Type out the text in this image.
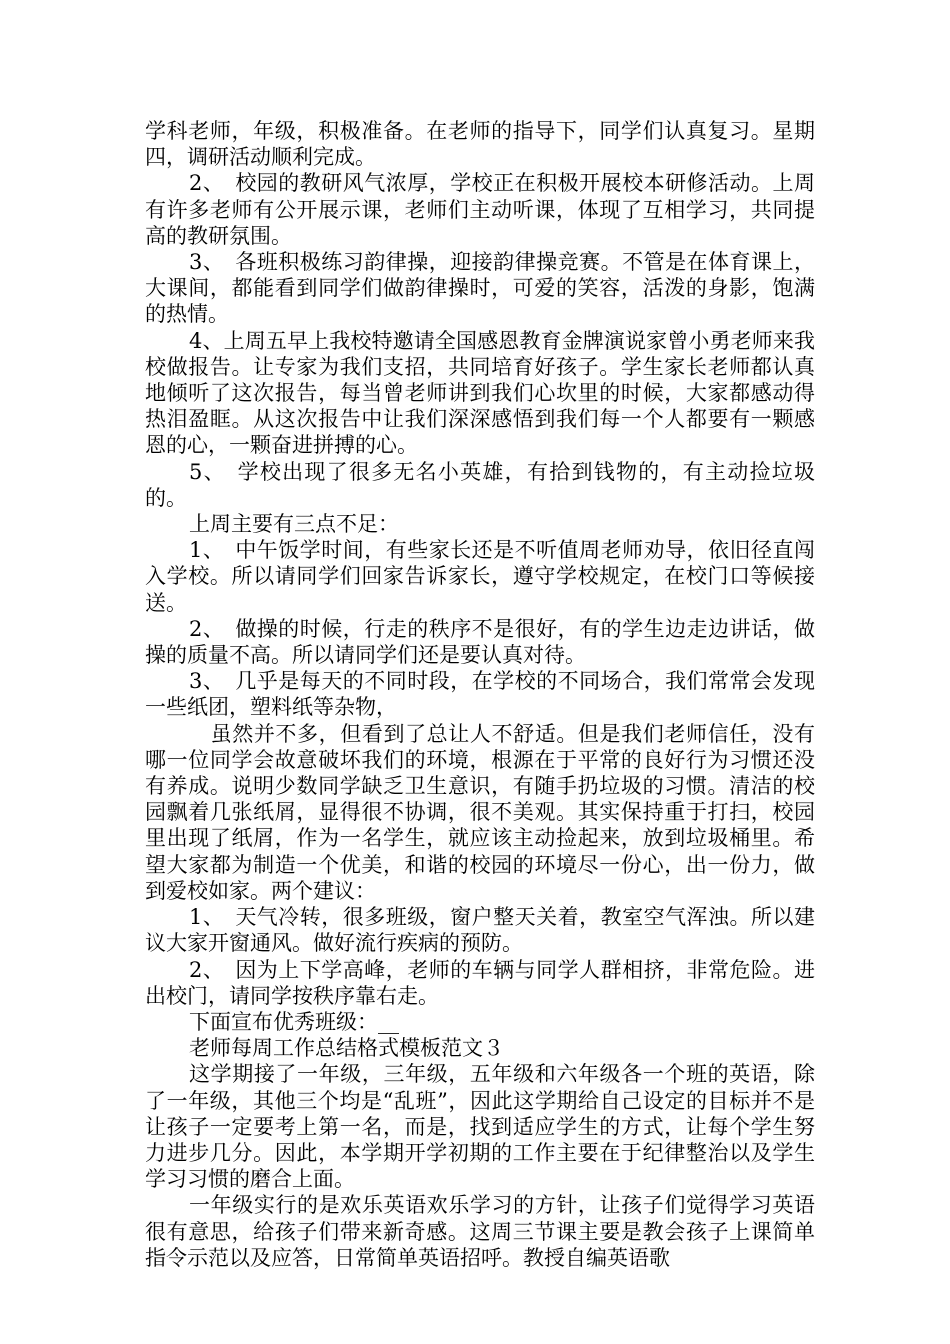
学科老师，年级，积极准备。在老师的指导下，同学们认真复习。星期四，调研活动顺利完成。

2、　校园的教研风气浓厚，学校正在积极开展校本研修活动。上周有许多老师有公开展示课，老师们主动听课，体现了互相学习，共同提高的教研氛围。

3、　各班积极练习韵律操，迎接韵律操竞赛。不管是在体育课上，大课间，都能看到同学们做韵律操时，可爱的笑容，活泼的身影，饱满的热情。

4、上周五早上我校特邀请全国感恩教育金牌演说家曾小勇老师来我校做报告。让专家为我们支招，共同培育好孩子。学生家长老师都认真地倾听了这次报告，每当曾老师讲到我们心坎里的时候，大家都感动得热泪盈眶。从这次报告中让我们深深感悟到我们每一个人都要有一颗感恩的心，一颗奋进拼搏的心。

5、　学校出现了很多无名小英雄，有拾到钱物的，有主动捡垃圾的。

上周主要有三点不足：

1、　中午饭学时间，有些家长还是不听值周老师劝导，依旧径直闯入学校。所以请同学们回家告诉家长，遵守学校规定，在校门口等候接送。

2、　做操的时候，行走的秩序不是很好，有的学生边走边讲话，做操的质量不高。所以请同学们还是要认真对待。

3、　几乎是每天的不同时段，在学校的不同场合，我们常常会发现一些纸团，塑料纸等杂物，

　虽然并不多，但看到了总让人不舒适。但是我们老师信任，没有哪一位同学会故意破坏我们的环境，根源在于平常的良好行为习惯还没有养成。说明少数同学缺乏卫生意识，有随手扔垃圾的习惯。清洁的校园飘着几张纸屑，显得很不协调，很不美观。其实保持重于打扫，校园里出现了纸屑，作为一名学生，就应该主动捡起来，放到垃圾桶里。希望大家都为制造一个优美，和谐的校园的环境尽一份心，出一份力，做到爱校如家。两个建议：

1、　天气冷转，很多班级，窗户整天关着，教室空气浑浊。所以建议大家开窗通风。做好流行疾病的预防。

2、　因为上下学高峰，老师的车辆与同学人群相挤，非常危险。进出校门，请同学按秩序靠右走。

下面宣布优秀班级：__

老师每周工作总结格式模板范文３

这学期接了一年级，三年级，五年级和六年级各一个班的英语，除了一年级，其他三个均是“乱班”，因此这学期给自己设定的目标并不是让孩子一定要考上第一名，而是，找到适应学生的方式，让每个学生努力进步几分。因此，本学期开学初期的工作主要在于纪律整治以及学生学习习惯的磨合上面。

一年级实行的是欢乐英语欢乐学习的方针，让孩子们觉得学习英语很有意思，给孩子们带来新奇感。这周三节课主要是教会孩子上课简单指令示范以及应答，日常简单英语招呼。教授自编英语歌
